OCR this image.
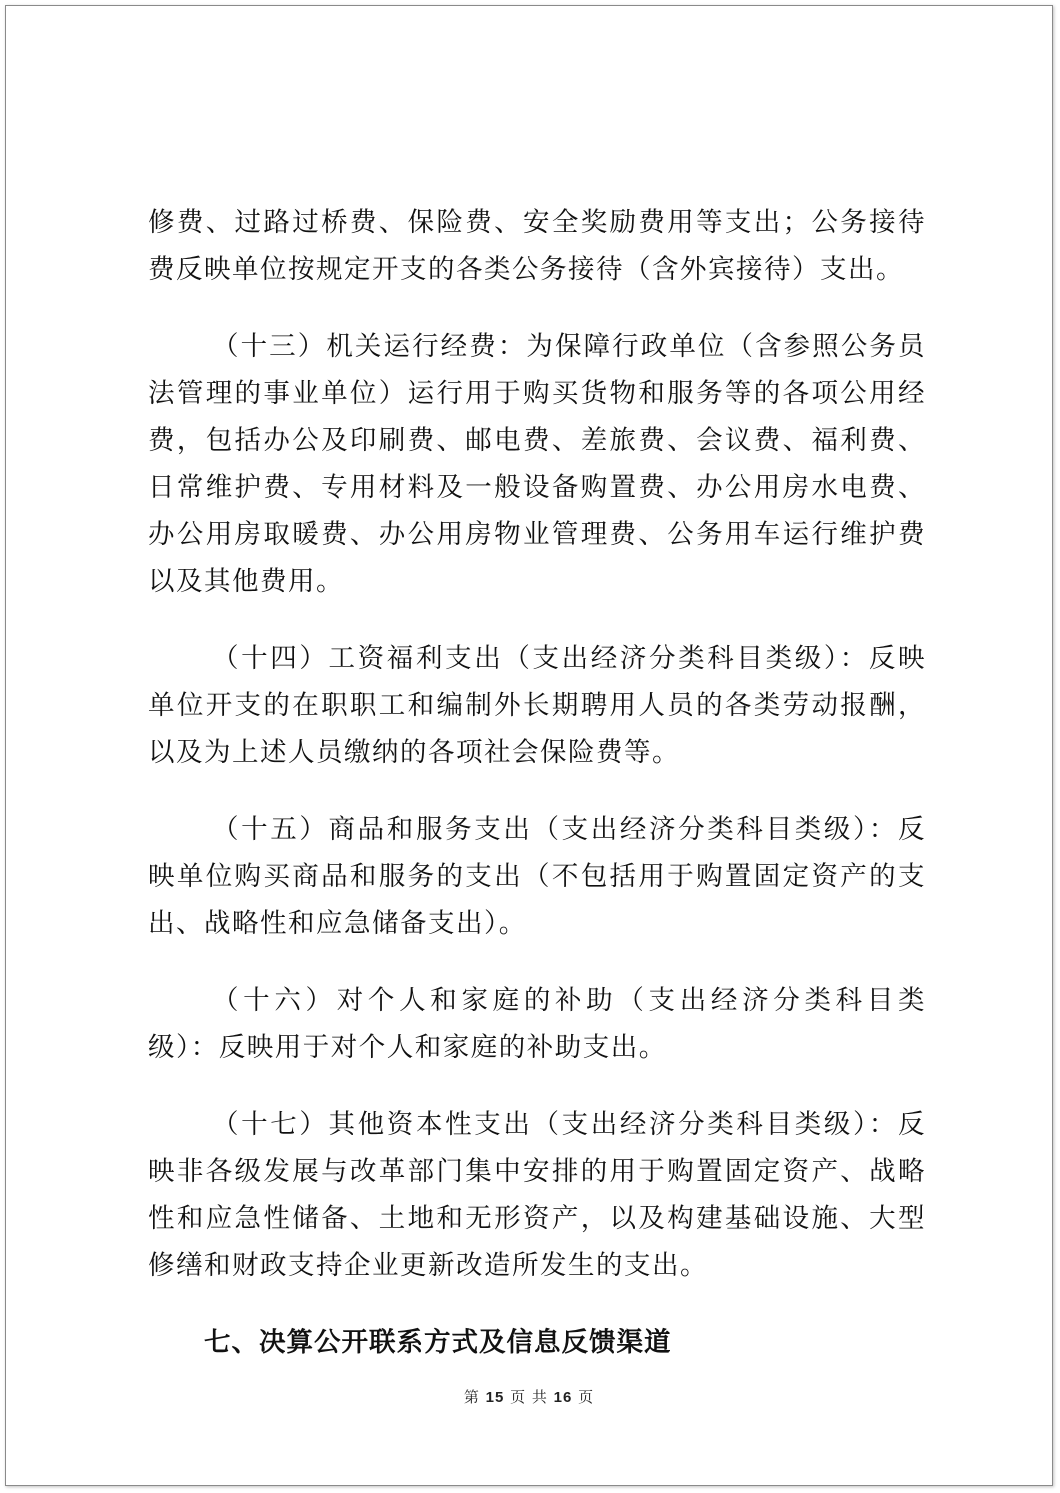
修费、过路过桥费、保险费、安全奖励费用等支出；公务接待费反映单位按规定开支的各类公务接待（含外宾接待）支出。

（十三）机关运行经费：为保障行政单位（含参照公务员法管理的事业单位）运行用于购买货物和服务等的各项公用经费，包括办公及印刷费、邮电费、差旅费、会议费、福利费、日常维护费、专用材料及一般设备购置费、办公用房水电费、办公用房取暖费、办公用房物业管理费、公务用车运行维护费以及其他费用。

（十四）工资福利支出（支出经济分类科目类级）：反映单位开支的在职职工和编制外长期聘用人员的各类劳动报酬，以及为上述人员缴纳的各项社会保险费等。

（十五）商品和服务支出（支出经济分类科目类级）：反映单位购买商品和服务的支出（不包括用于购置固定资产的支出、战略性和应急储备支出）。

（十六）对个人和家庭的补助（支出经济分类科目类级）：反映用于对个人和家庭的补助支出。

（十七）其他资本性支出（支出经济分类科目类级）：反映非各级发展与改革部门集中安排的用于购置固定资产、战略性和应急性储备、土地和无形资产，以及构建基础设施、大型修缮和财政支持企业更新改造所发生的支出。

七、决算公开联系方式及信息反馈渠道
第 15 页 共 16 页
